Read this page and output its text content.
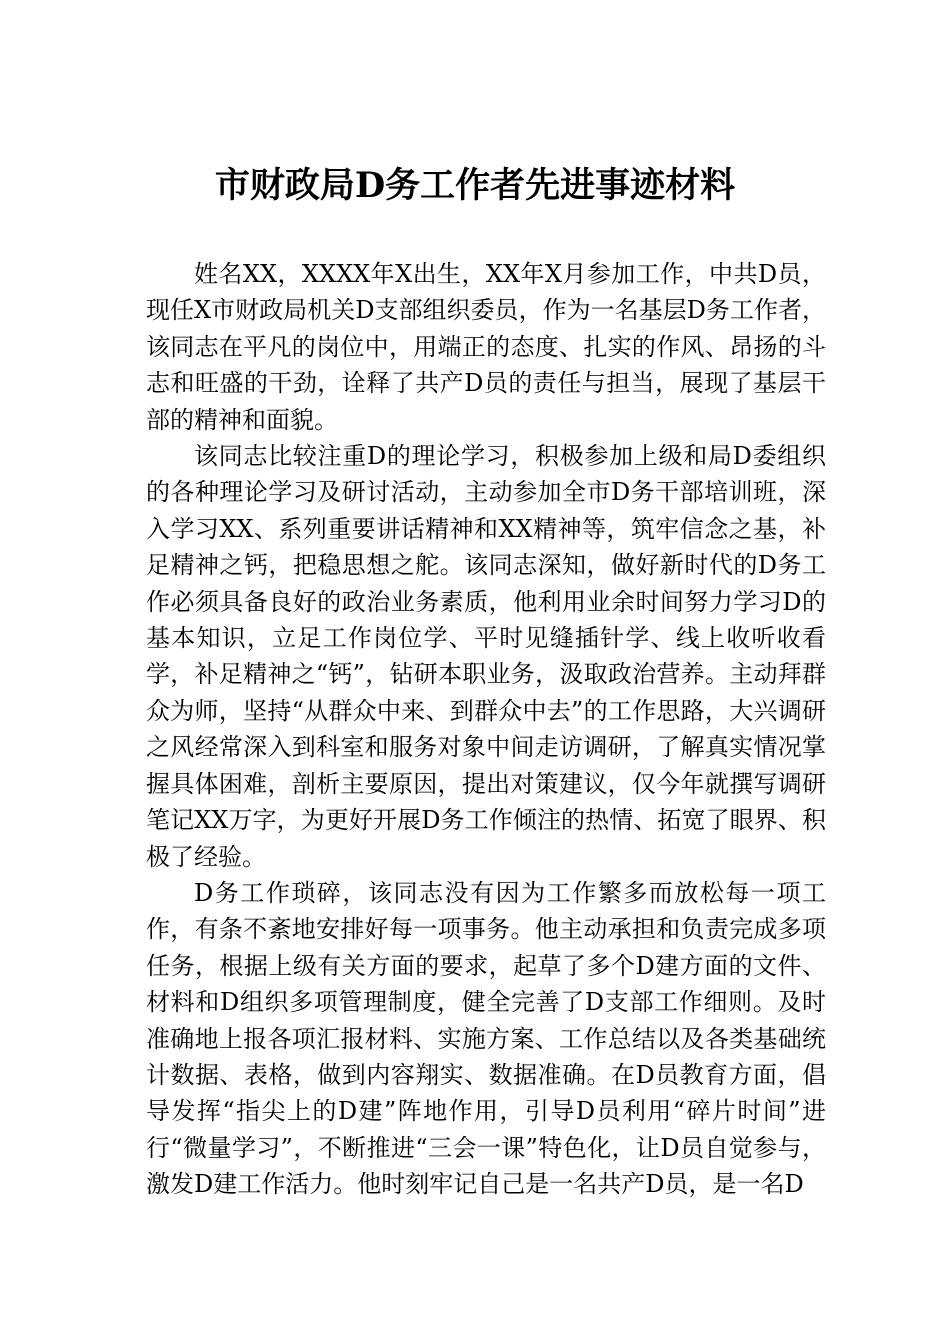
市财政局D务工作者先进事迹材料

姓名XX，XXXX年X出生，XX年X月参加工作，中共D员，现任X市财政局机关D支部组织委员，作为一名基层D务工作者，该同志在平凡的岗位中，用端正的态度、扎实的作风、昂扬的斗志和旺盛的干劲，诠释了共产D员的责任与担当，展现了基层干部的精神和面貌。

该同志比较注重D的理论学习，积极参加上级和局D委组织的各种理论学习及研讨活动，主动参加全市D务干部培训班，深入学习XX、系列重要讲话精神和XX精神等，筑牢信念之基，补足精神之钙，把稳思想之舵。该同志深知，做好新时代的D务工作必须具备良好的政治业务素质，他利用业余时间努力学习D的基本知识，立足工作岗位学、平时见缝插针学、线上收听收看学，补足精神之“钙”，钻研本职业务，汲取政治营养。主动拜群众为师，坚持“从群众中来、到群众中去”的工作思路，大兴调研之风经常深入到科室和服务对象中间走访调研，了解真实情况掌握具体困难，剖析主要原因，提出对策建议，仅今年就撰写调研笔记XX万字，为更好开展D务工作倾注的热情、拓宽了眼界、积极了经验。

D务工作琐碎，该同志没有因为工作繁多而放松每一项工作，有条不紊地安排好每一项事务。他主动承担和负责完成多项任务，根据上级有关方面的要求，起草了多个D建方面的文件、材料和D组织多项管理制度，健全完善了D支部工作细则。及时准确地上报各项汇报材料、实施方案、工作总结以及各类基础统计数据、表格，做到内容翔实、数据准确。在D员教育方面，倡导发挥“指尖上的D建”阵地作用，引导D员利用“碎片时间”进行“微量学习”，不断推进“三会一课”特色化，让D员自觉参与，激发D建工作活力。他时刻牢记自己是一名共产D员，是一名D
